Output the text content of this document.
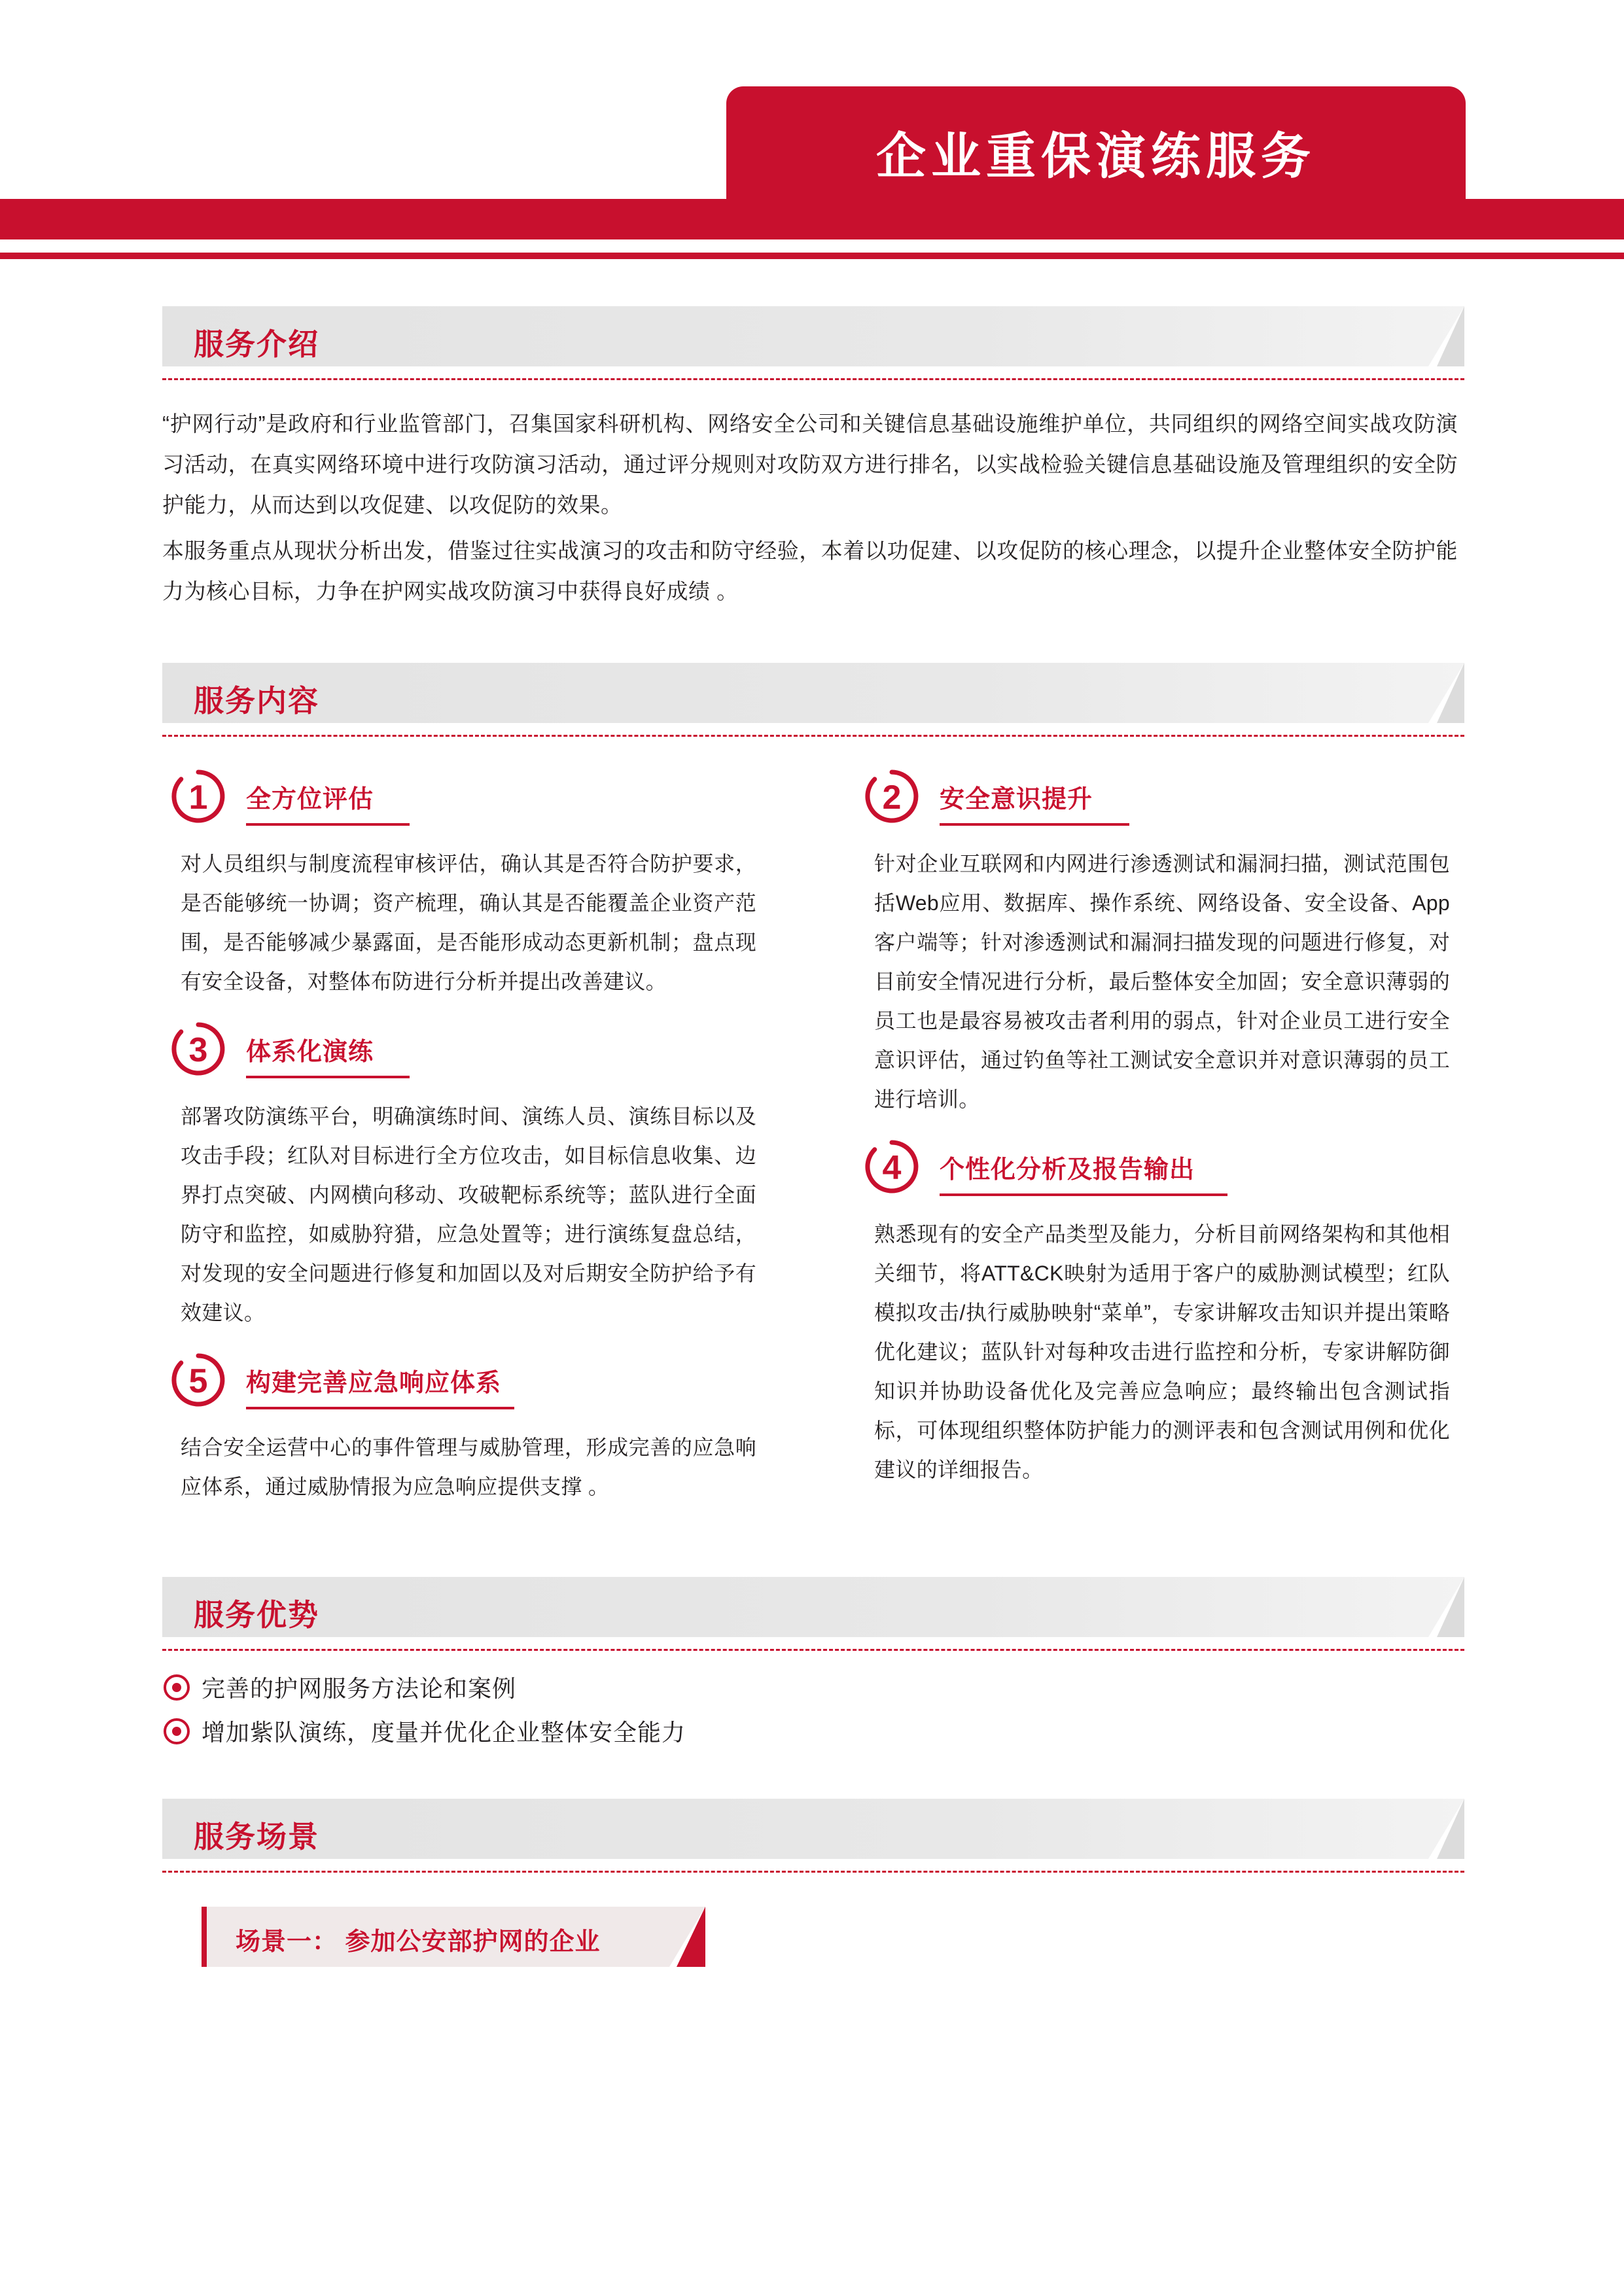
企业重保演练服务
服务介绍

“护网行动”是政府和行业监管部门，召集国家科研机构、网络安全公司和关键信息基础设施维护单位，共同组织的网络空间实战攻防演习活动，在真实网络环境中进行攻防演习活动，通过评分规则对攻防双方进行排名，以实战检验关键信息基础设施及管理组织的安全防护能力，从而达到以攻促建、以攻促防的效果。

本服务重点从现状分析出发，借鉴过往实战演习的攻击和防守经验，本着以功促建、以攻促防的核心理念，以提升企业整体安全防护能力为核心目标，力争在护网实战攻防演习中获得良好成绩 。

服务内容
1	全方位评估
对人员组织与制度流程审核评估，确认其是否符合防护要求，是否能够统一协调；资产梳理，确认其是否能覆盖企业资产范围，是否能够减少暴露面，是否能形成动态更新机制；盘点现有安全设备，对整体布防进行分析并提出改善建议。
3	体系化演练
部署攻防演练平台，明确演练时间、演练人员、演练目标以及攻击手段；红队对目标进行全方位攻击，如目标信息收集、边界打点突破、内网横向移动、攻破靶标系统等；蓝队进行全面防守和监控，如威胁狩猎，应急处置等；进行演练复盘总结，对发现的安全问题进行修复和加固以及对后期安全防护给予有效建议。
5	构建完善应急响应体系
结合安全运营中心的事件管理与威胁管理，形成完善的应急响应体系，通过威胁情报为应急响应提供支撑 。
2	安全意识提升
针对企业互联网和内网进行渗透测试和漏洞扫描，测试范围包括Web应用、数据库、操作系统、网络设备、安全设备、App客户端等；针对渗透测试和漏洞扫描发现的问题进行修复，对目前安全情况进行分析，最后整体安全加固；安全意识薄弱的员工也是最容易被攻击者利用的弱点，针对企业员工进行安全意识评估，通过钓鱼等社工测试安全意识并对意识薄弱的员工进行培训。
4	个性化分析及报告输出
熟悉现有的安全产品类型及能力，分析目前网络架构和其他相关细节，将ATT&CK映射为适用于客户的威胁测试模型；红队模拟攻击/执行威胁映射“菜单”，专家讲解攻击知识并提出策略优化建议；蓝队针对每种攻击进行监控和分析，专家讲解防御知识并协助设备优化及完善应急响应；最终输出包含测试指标，可体现组织整体防护能力的测评表和包含测试用例和优化建议的详细报告。
服务优势
完善的护网服务方法论和案例
增加紫队演练，度量并优化企业整体安全能力
服务场景
场景一： 参加公安部护网的企业
